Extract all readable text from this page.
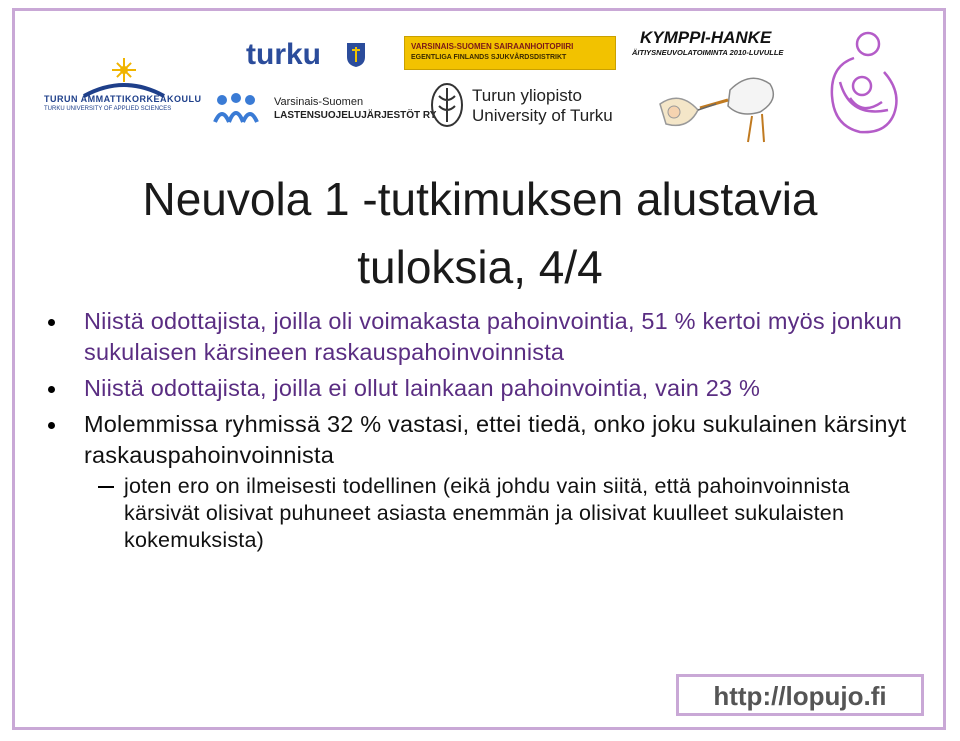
TURUN AMMATTIKORKEAKOULU
TURKU UNIVERSITY OF APPLIED SCIENCES
turku	VARSINAIS-SUOMEN SAIRAANHOITOPIIRI
EGENTLIGA FINLANDS SJUKVÅRDSDISTRIKT
Varsinais-Suomen
LASTENSUOJELUJÄRJESTÖT RY
Turun yliopisto
University of Turku
KYMPPI-HANKE
ÄITIYSNEUVOLATOIMINTA 2010-LUVULLE
Neuvola 1 -tutkimuksen alustavia
tuloksia, 4/4
Niistä odottajista, joilla oli voimakasta pahoinvointia, 51 % kertoi myös jonkun sukulaisen kärsineen raskauspahoinvoinnista
Niistä odottajista, joilla ei ollut lainkaan pahoinvointia, vain 23 %
Molemmissa ryhmissä 32 % vastasi, ettei tiedä, onko joku sukulainen kärsinyt raskauspahoinvoinnista
joten ero on ilmeisesti todellinen (eikä johdu vain siitä, että pahoinvoinnista kärsivät olisivat puhuneet asiasta enemmän ja olisivat kuulleet sukulaisten kokemuksista)
http://lopujo.fi
